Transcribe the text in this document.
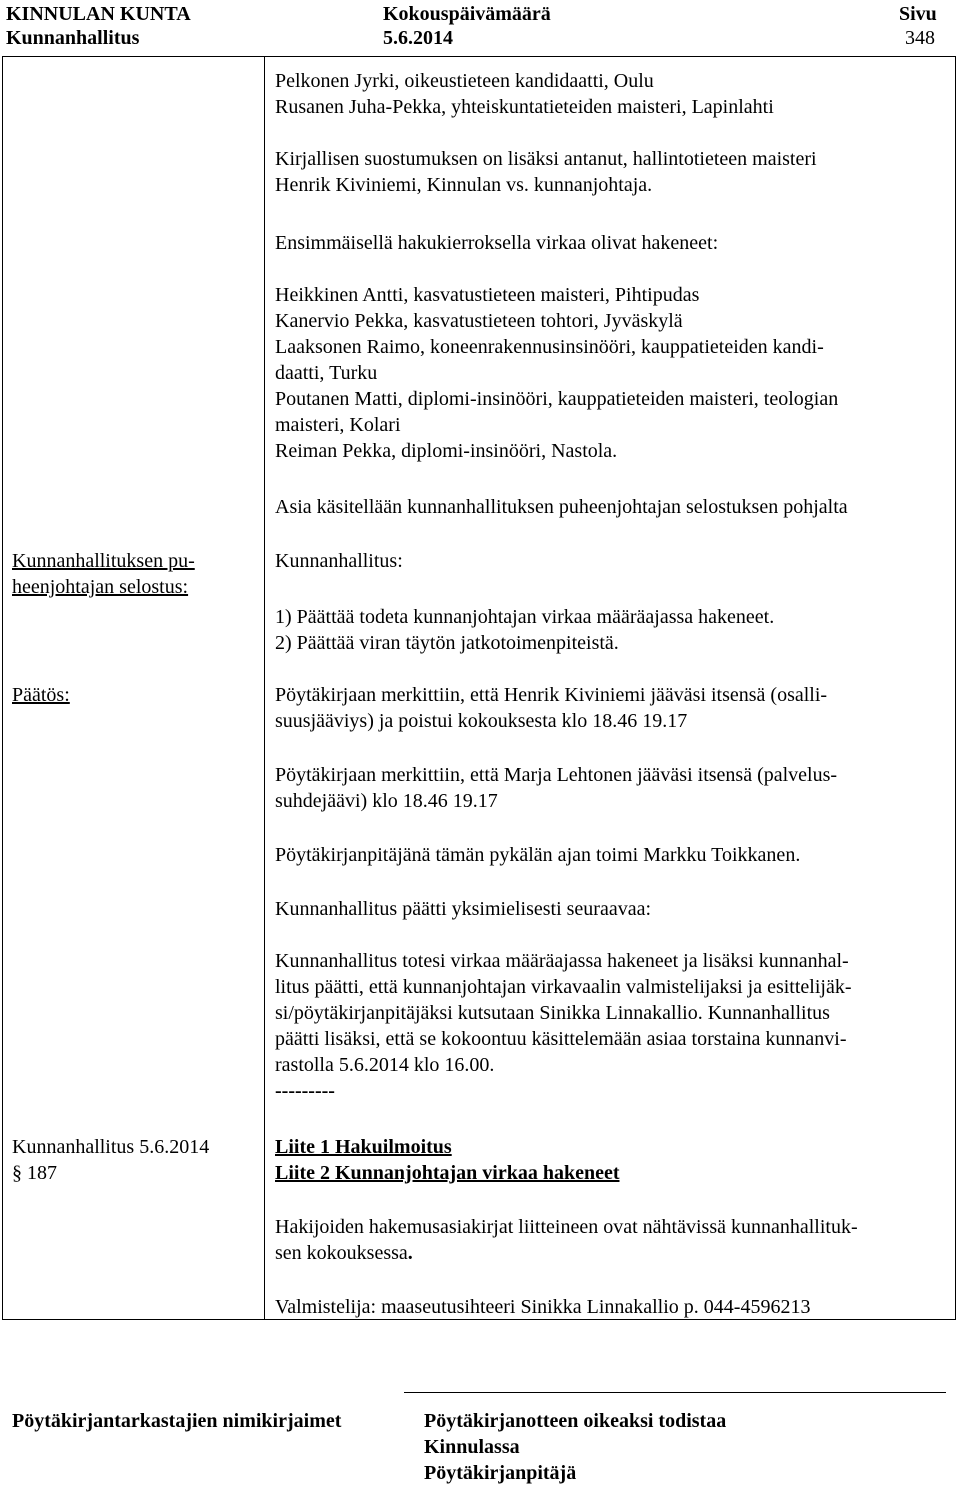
KINNULAN KUNTA
Kunnanhallitus
Kokouspäivämäärä
5.6.2014
Sivu
348

Pelkonen Jyrki, oikeustieteen kandidaatti, Oulu
Rusanen Juha-Pekka, yhteiskuntatieteiden maisteri, Lapinlahti

Kirjallisen suostumuksen on lisäksi antanut, hallintotieteen maisteri
Henrik Kiviniemi, Kinnulan vs. kunnanjohtaja.

Ensimmäisellä hakukierroksella virkaa olivat hakeneet:

Heikkinen Antti, kasvatustieteen maisteri, Pihtipudas
Kanervio Pekka, kasvatustieteen tohtori, Jyväskylä
Laaksonen Raimo, koneenrakennusinsinööri, kauppatieteiden kandi-
daatti, Turku
Poutanen Matti, diplomi-insinööri, kauppatieteiden maisteri, teologian
maisteri, Kolari
Reiman Pekka, diplomi-insinööri, Nastola.

Asia käsitellään kunnanhallituksen puheenjohtajan selostuksen pohjalta

Kunnanhallitus:

1) Päättää todeta kunnanjohtajan virkaa määräajassa hakeneet.
2) Päättää viran täytön jatkotoimenpiteistä.

Pöytäkirjaan merkittiin, että Henrik Kiviniemi jääväsi itsensä (osalli-
suusjääviys) ja poistui kokouksesta klo 18.46 19.17

Pöytäkirjaan merkittiin, että Marja Lehtonen jääväsi itsensä (palvelus-
suhdejäävi) klo 18.46 19.17

Pöytäkirjanpitäjänä tämän pykälän ajan toimi Markku Toikkanen.

Kunnanhallitus päätti yksimielisesti seuraavaa:

Kunnanhallitus totesi virkaa määräajassa hakeneet ja lisäksi kunnanhal-
litus päätti, että kunnanjohtajan virkavaalin valmistelijaksi ja esittelijäk-
si/pöytäkirjanpitäjäksi kutsutaan Sinikka Linnakallio. Kunnanhallitus
päätti lisäksi, että se kokoontuu käsittelemään asiaa torstaina kunnanvi-
rastolla 5.6.2014 klo 16.00.
---------

Liite 1 Hakuilmoitus
Liite 2 Kunnanjohtajan virkaa hakeneet

Hakijoiden hakemusasiakirjat liitteineen ovat nähtävissä kunnanhallituk-
sen kokouksessa.

Valmistelija: maaseutusihteeri Sinikka Linnakallio p. 044-4596213

Kunnanhallituksen pu-
heenjohtajan selostus:

Päätös:

Kunnanhallitus 5.6.2014
§ 187

Pöytäkirjantarkastajien nimikirjaimet	Pöytäkirjanotteen oikeaksi todistaa
Kinnulassa
Pöytäkirjanpitäjä
